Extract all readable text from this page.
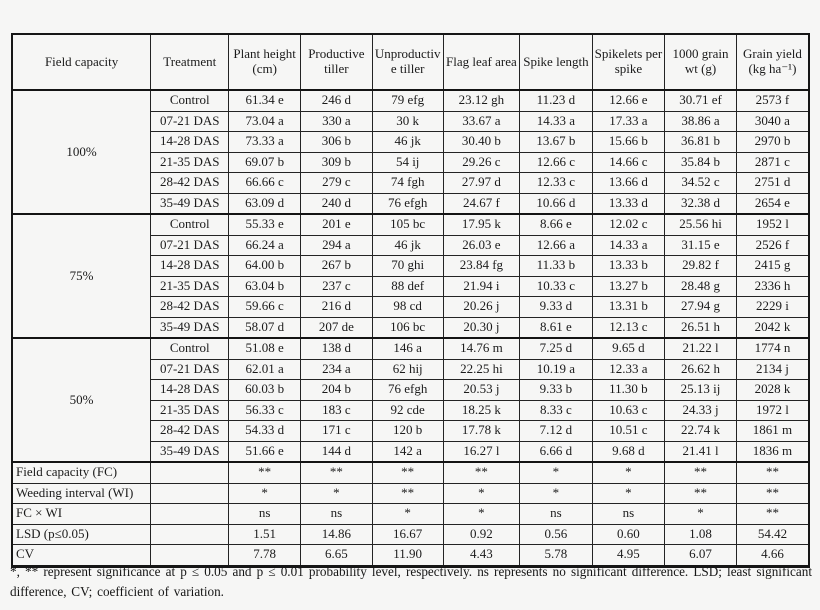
Field capacity	Treatment	Plant height (cm)	Productive tiller	Unproductive tiller	Flag leaf area	Spike length	Spikelets per spike	1000 grain wt (g)	Grain yield (kg ha⁻¹)
100%	Control	61.34 e	246 d	79 efg	23.12 gh	11.23 d	12.66 e	30.71 ef	2573 f
	07-21 DAS	73.04 a	330 a	30 k	33.67 a	14.33 a	17.33 a	38.86 a	3040 a
	14-28 DAS	73.33 a	306 b	46 jk	30.40 b	13.67 b	15.66 b	36.81 b	2970 b
	21-35 DAS	69.07 b	309 b	54 ij	29.26 c	12.66 c	14.66 c	35.84 b	2871 c
	28-42 DAS	66.66 c	279 c	74 fgh	27.97 d	12.33 c	13.66 d	34.52 c	2751 d
	35-49 DAS	63.09 d	240 d	76 efgh	24.67 f	10.66 d	13.33 d	32.38 d	2654 e
75%	Control	55.33 e	201 e	105 bc	17.95 k	8.66 e	12.02 c	25.56 hi	1952 l
	07-21 DAS	66.24 a	294 a	46 jk	26.03 e	12.66 a	14.33 a	31.15 e	2526 f
	14-28 DAS	64.00 b	267 b	70 ghi	23.84 fg	11.33 b	13.33 b	29.82 f	2415 g
	21-35 DAS	63.04 b	237 c	88 def	21.94 i	10.33 c	13.27 b	28.48 g	2336 h
	28-42 DAS	59.66 c	216 d	98 cd	20.26 j	9.33 d	13.31 b	27.94 g	2229 i
	35-49 DAS	58.07 d	207 de	106 bc	20.30 j	8.61 e	12.13 c	26.51 h	2042 k
50%	Control	51.08 e	138 d	146 a	14.76 m	7.25 d	9.65 d	21.22 l	1774 n
	07-21 DAS	62.01 a	234 a	62 hij	22.25 hi	10.19 a	12.33 a	26.62 h	2134 j
	14-28 DAS	60.03 b	204 b	76 efgh	20.53 j	9.33 b	11.30 b	25.13 ij	2028 k
	21-35 DAS	56.33 c	183 c	92 cde	18.25 k	8.33 c	10.63 c	24.33 j	1972 l
	28-42 DAS	54.33 d	171 c	120 b	17.78 k	7.12 d	10.51 c	22.74 k	1861 m
	35-49 DAS	51.66 e	144 d	142 a	16.27 l	6.66 d	9.68 d	21.41 l	1836 m
Field capacity (FC)		**	**	**	**	*	*	**	**
Weeding interval (WI)		*	*	**	*	*	*	**	**
FC × WI		ns	ns	*	*	ns	ns	*	**
LSD (p≤0.05)		1.51	14.86	16.67	0.92	0.56	0.60	1.08	54.42
CV		7.78	6.65	11.90	4.43	5.78	4.95	6.07	4.66

*, ** represent significance at p ≤ 0.05 and p ≤ 0.01 probability level, respectively. ns represents no significant difference. LSD; least significant difference, CV; coefficient of variation.
